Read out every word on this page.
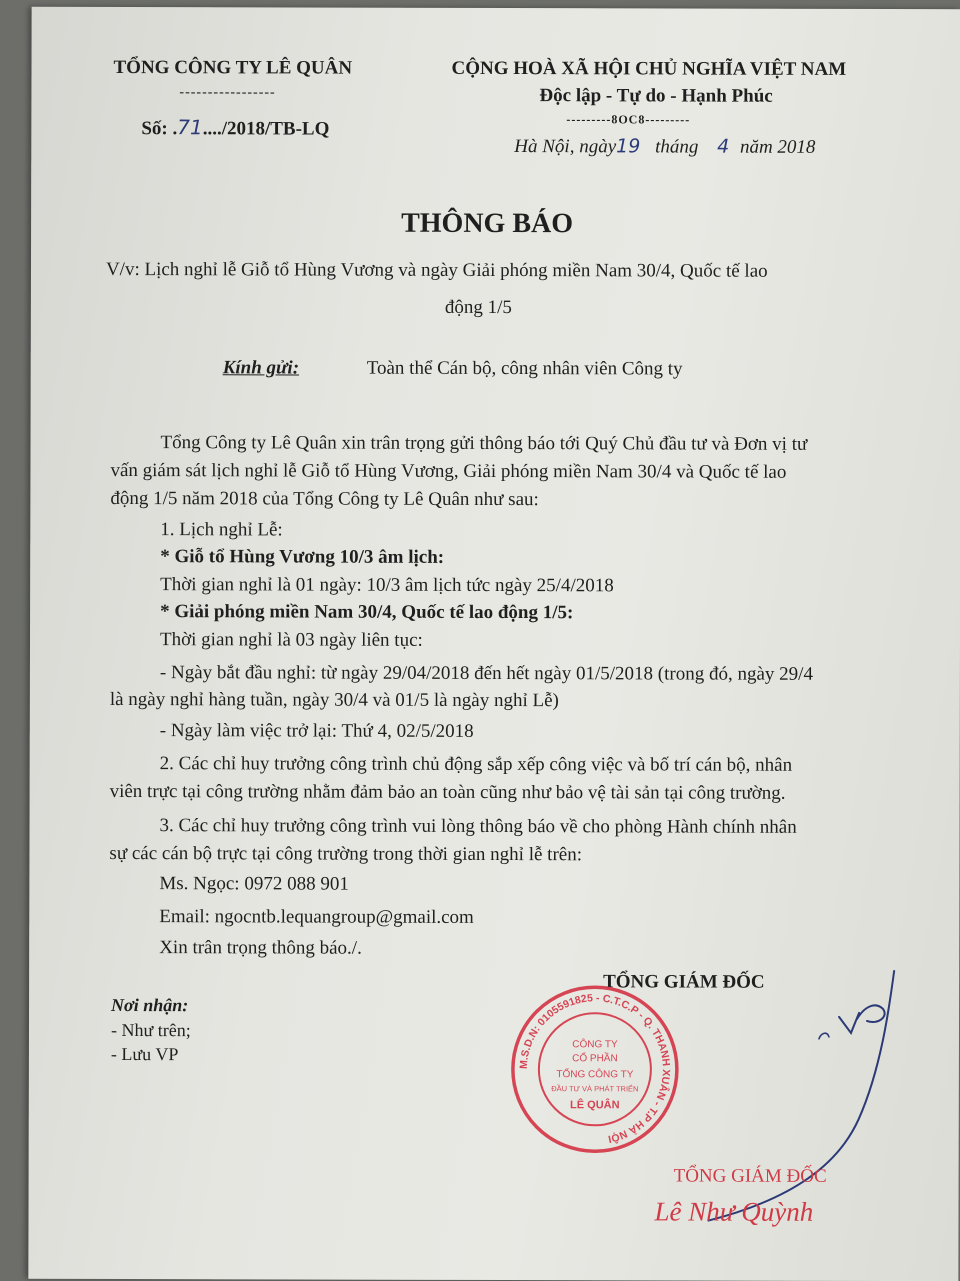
TỔNG CÔNG TY LÊ QUÂN
-----------------
Số: .71..../2018/TB-LQ
CỘNG HOÀ XÃ HỘI CHỦ NGHĨA VIỆT NAM
Độc lập - Tự do - Hạnh Phúc
---------8OC8---------
Hà Nội, ngày19 tháng 4 năm 2018
THÔNG BÁO
V/v: Lịch nghỉ lễ Giỗ tổ Hùng Vương và ngày Giải phóng miền Nam 30/4, Quốc tế lao
động 1/5
Kính gửi:	Toàn thể Cán bộ, công nhân viên Công ty
Tổng Công ty Lê Quân xin trân trọng gửi thông báo tới Quý Chủ đầu tư và Đơn vị tư
vấn giám sát lịch nghỉ lễ Giỗ tổ Hùng Vương, Giải phóng miền Nam 30/4 và Quốc tế lao
động 1/5 năm 2018 của Tổng Công ty Lê Quân như sau:
1. Lịch nghỉ Lễ:
* Giỗ tổ Hùng Vương 10/3 âm lịch:
Thời gian nghỉ là 01 ngày: 10/3 âm lịch tức ngày 25/4/2018
* Giải phóng miền Nam 30/4, Quốc tế lao động 1/5:
Thời gian nghỉ là 03 ngày liên tục:
- Ngày bắt đầu nghỉ: từ ngày 29/04/2018 đến hết ngày 01/5/2018 (trong đó, ngày 29/4
là ngày nghỉ hàng tuần, ngày 30/4 và 01/5 là ngày nghỉ Lễ)
- Ngày làm việc trở lại: Thứ 4, 02/5/2018
2. Các chỉ huy trưởng công trình chủ động sắp xếp công việc và bố trí cán bộ, nhân
viên trực tại công trường nhằm đảm bảo an toàn cũng như bảo vệ tài sản tại công trường.
3. Các chỉ huy trưởng công trình vui lòng thông báo về cho phòng Hành chính nhân
sự các cán bộ trực tại công trường trong thời gian nghỉ lễ trên:
Ms. Ngọc: 0972 088 901
Email: ngocntb.lequangroup@gmail.com
Xin trân trọng thông báo./.
TỔNG GIÁM ĐỐC
Nơi nhận:
- Như trên;
- Lưu VP
M.S.D.N: 0105591825 - C.T.C.P - Q. THANH XUÂN - T.P HÀ NỘI
CÔNG TY
CỔ PHẦN
TỔNG CÔNG TY
ĐẦU TƯ VÀ PHÁT TRIỂN
LÊ QUÂN
TỔNG GIÁM ĐỐC
Lê Như Quỳnh
